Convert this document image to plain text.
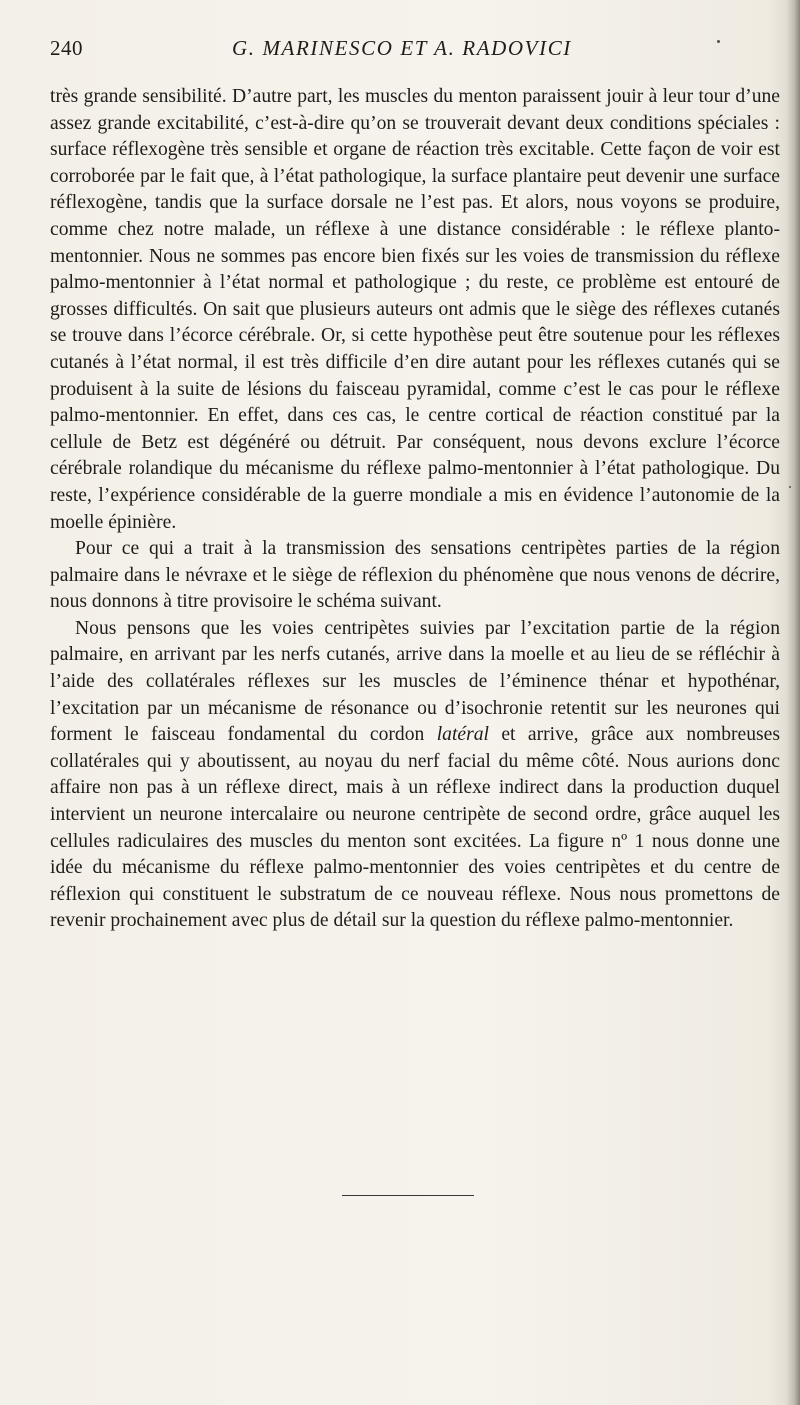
240	G. MARINESCO ET A. RADOVICI

très grande sensibilité. D’autre part, les muscles du menton paraissent jouir à leur tour d’une assez grande excitabilité, c’est-à-dire qu’on se trouverait devant deux conditions spéciales : surface réflexogène très sensible et organe de réaction très excitable. Cette façon de voir est corroborée par le fait que, à l’état pathologique, la surface plantaire peut devenir une surface réflexogène, tandis que la surface dorsale ne l’est pas. Et alors, nous voyons se produire, comme chez notre malade, un réflexe à une distance considérable : le réflexe planto-mentonnier. Nous ne sommes pas encore bien fixés sur les voies de transmission du réflexe palmo-mentonnier à l’état normal et pathologique ; du reste, ce problème est entouré de grosses difficultés. On sait que plusieurs auteurs ont admis que le siège des réflexes cutanés se trouve dans l’écorce cérébrale. Or, si cette hypothèse peut être soutenue pour les réflexes cutanés à l’état normal, il est très difficile d’en dire autant pour les réflexes cutanés qui se produisent à la suite de lésions du faisceau pyramidal, comme c’est le cas pour le réflexe palmo-mentonnier. En effet, dans ces cas, le centre cortical de réaction constitué par la cellule de Betz est dégénéré ou détruit. Par conséquent, nous devons exclure l’écorce cérébrale rolandique du mécanisme du réflexe palmo-mentonnier à l’état pathologique. Du reste, l’expérience considérable de la guerre mondiale a mis en évidence l’autonomie de la moelle épinière.

Pour ce qui a trait à la transmission des sensations centripètes parties de la région palmaire dans le névraxe et le siège de réflexion du phénomène que nous venons de décrire, nous donnons à titre provisoire le schéma suivant.

Nous pensons que les voies centripètes suivies par l’excitation partie de la région palmaire, en arrivant par les nerfs cutanés, arrive dans la moelle et au lieu de se réfléchir à l’aide des collatérales réflexes sur les muscles de l’éminence thénar et hypothénar, l’excitation par un mécanisme de résonance ou d’isochronie retentit sur les neurones qui forment le faisceau fondamental du cordon latéral et arrive, grâce aux nombreuses collatérales qui y aboutissent, au noyau du nerf facial du même côté. Nous aurions donc affaire non pas à un réflexe direct, mais à un réflexe indirect dans la production duquel intervient un neurone intercalaire ou neurone centripète de second ordre, grâce auquel les cellules radiculaires des muscles du menton sont excitées. La figure nº 1 nous donne une idée du mécanisme du réflexe palmo-mentonnier des voies centripètes et du centre de réflexion qui constituent le substratum de ce nouveau réflexe. Nous nous promettons de revenir prochainement avec plus de détail sur la question du réflexe palmo-mentonnier.
